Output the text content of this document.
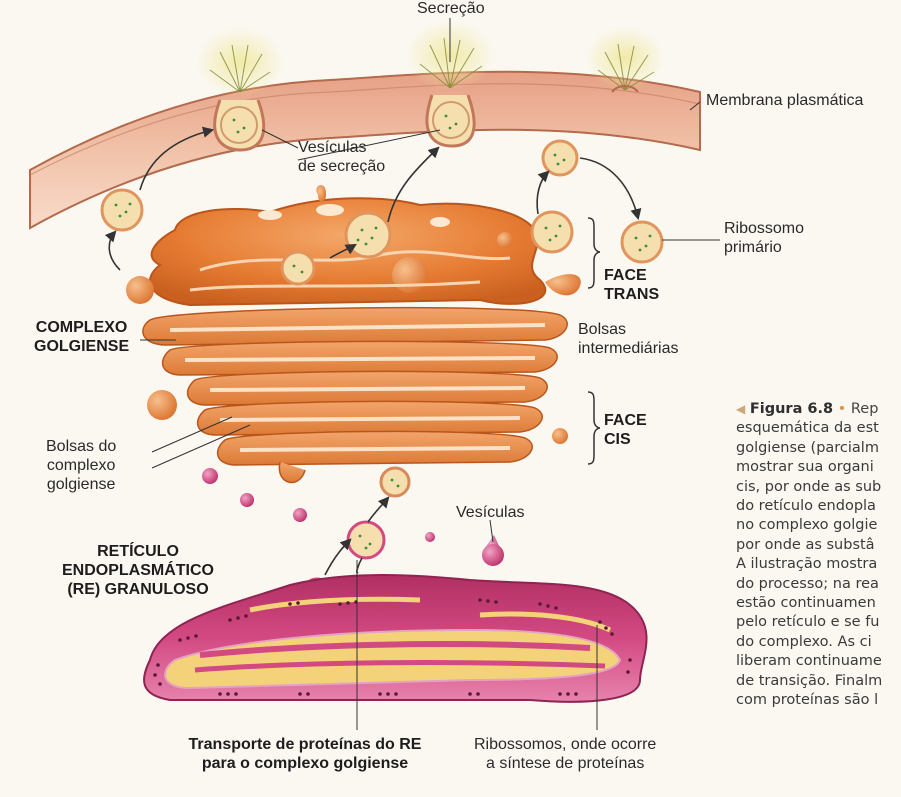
Secreção
Membrana plasmática
Vesículas
de secreção
Ribossomo
primário
FACE
TRANS
COMPLEXO
GOLGIENSE
Bolsas
intermediárias
FACE
CIS
Bolsas do
complexo
golgiense
Vesículas
RETÍCULO
ENDOPLASMÁTICO
(RE) GRANULOSO
Transporte de proteínas do RE
para o complexo golgiense
Ribossomos, onde ocorre
a síntese de proteínas
◀ Figura 6.8 • Rep
esquemática da est
golgiense (parcialm
mostrar sua organi
cis, por onde as sub
do retículo endopla
no complexo golgie
por onde as substâ
A ilustração mostra
do processo; na rea
estão continuamen
pelo retículo e se fu
do complexo. As ci
liberam continuame
de transição. Finalm
com proteínas são l
